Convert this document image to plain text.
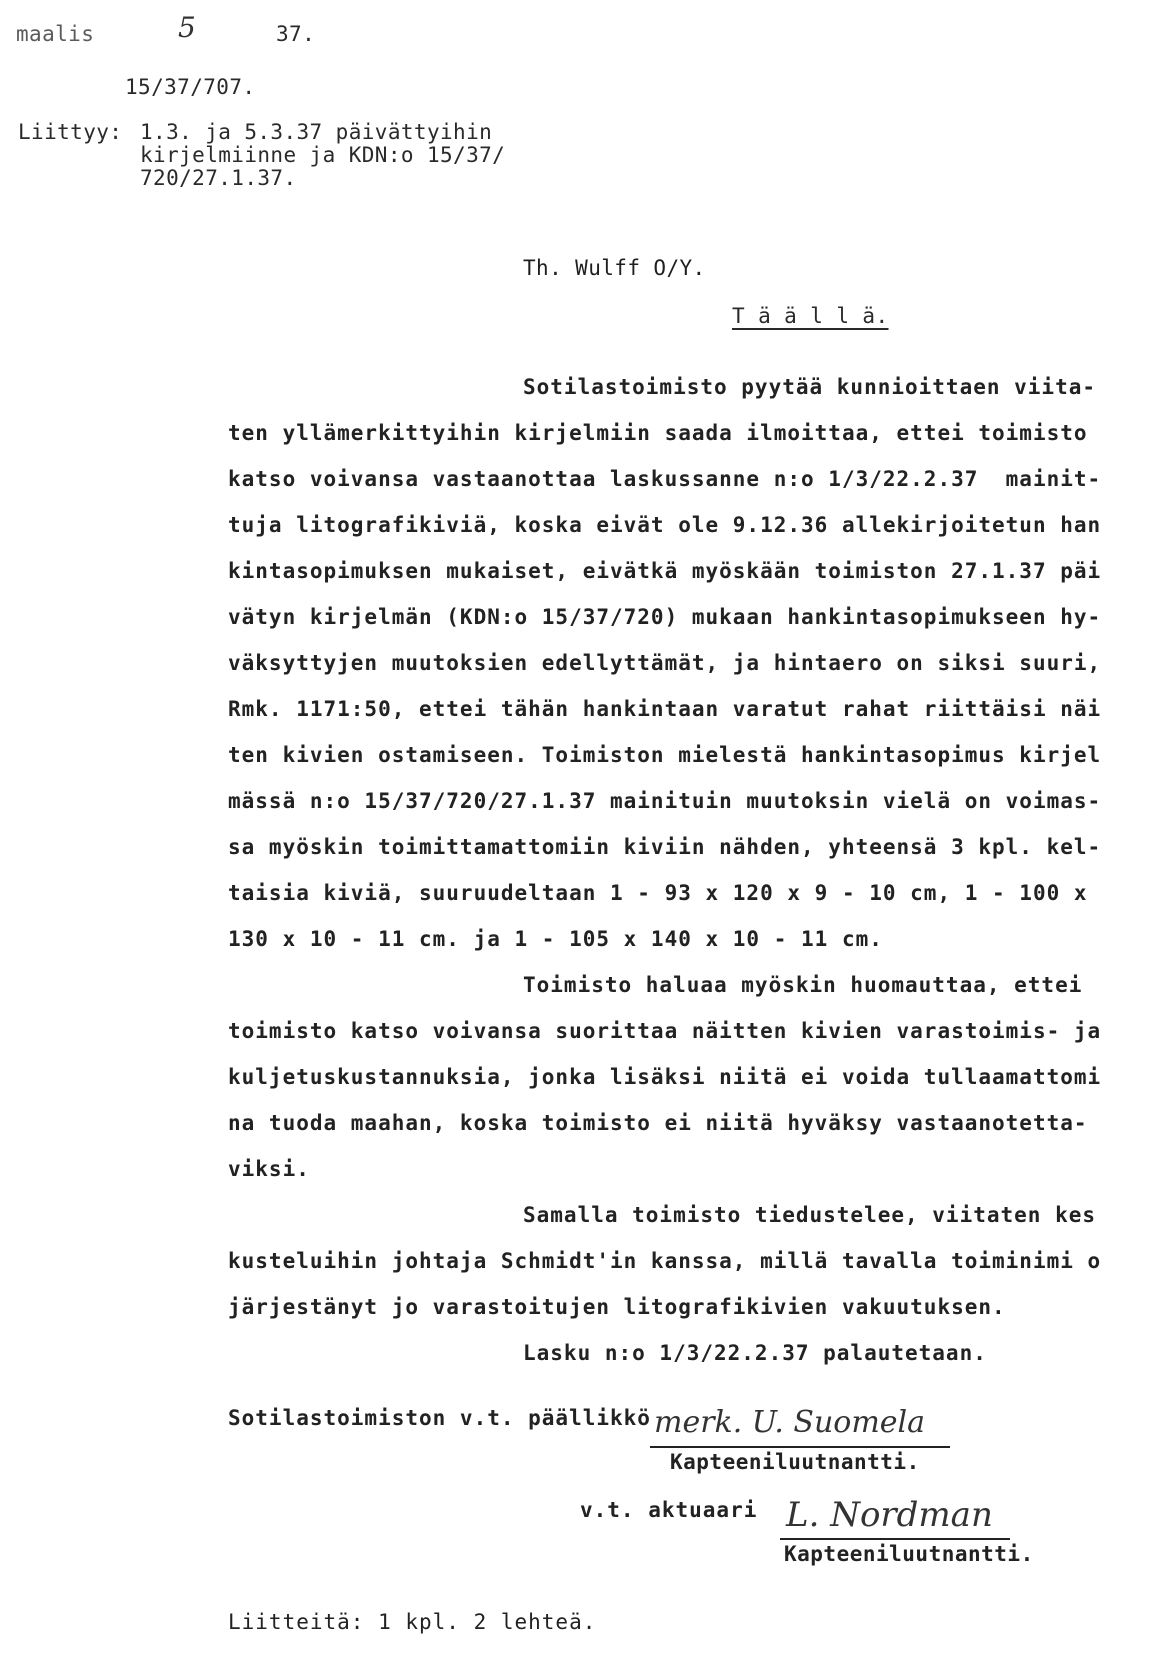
maalis	5	37.
15/37/707.
Liittyy: 1.3. ja 5.3.37 päivättyihin
kirjelmiinne ja KDN:o 15/37/
720/27.1.37.
Th. Wulff O/Y.
T ä ä l l ä.
Sotilastoimisto pyytää kunnioittaen viita-
ten yllämerkittyihin kirjelmiin saada ilmoittaa, ettei toimisto
katso voivansa vastaanottaa laskussanne n:o 1/3/22.2.37  mainit-
tuja litografikiviä, koska eivät ole 9.12.36 allekirjoitetun han
kintasopimuksen mukaiset, eivätkä myöskään toimiston 27.1.37 päi
vätyn kirjelmän (KDN:o 15/37/720) mukaan hankintasopimukseen hy-
väksyttyjen muutoksien edellyttämät, ja hintaero on siksi suuri,
Rmk. 1171:50, ettei tähän hankintaan varatut rahat riittäisi näi
ten kivien ostamiseen. Toimiston mielestä hankintasopimus kirjel
mässä n:o 15/37/720/27.1.37 mainituin muutoksin vielä on voimas-
sa myöskin toimittamattomiin kiviin nähden, yhteensä 3 kpl. kel-
taisia kiviä, suuruudeltaan 1 - 93 x 120 x 9 - 10 cm, 1 - 100 x
130 x 10 - 11 cm. ja 1 - 105 x 140 x 10 - 11 cm.
Toimisto haluaa myöskin huomauttaa, ettei
toimisto katso voivansa suorittaa näitten kivien varastoimis- ja
kuljetuskustannuksia, jonka lisäksi niitä ei voida tullaamattomi
na tuoda maahan, koska toimisto ei niitä hyväksy vastaanotetta-
viksi.
Samalla toimisto tiedustelee, viitaten kes
kusteluihin johtaja Schmidt'in kanssa, millä tavalla toiminimi o
järjestänyt jo varastoitujen litografikivien vakuutuksen.
Lasku n:o 1/3/22.2.37 palautetaan.
Sotilastoimiston v.t. päällikkö merk. U. Suomela
Kapteeniluutnantti.
v.t. aktuaari L. Nordman
Kapteeniluutnantti.
Liitteitä: 1 kpl. 2 lehteä.
